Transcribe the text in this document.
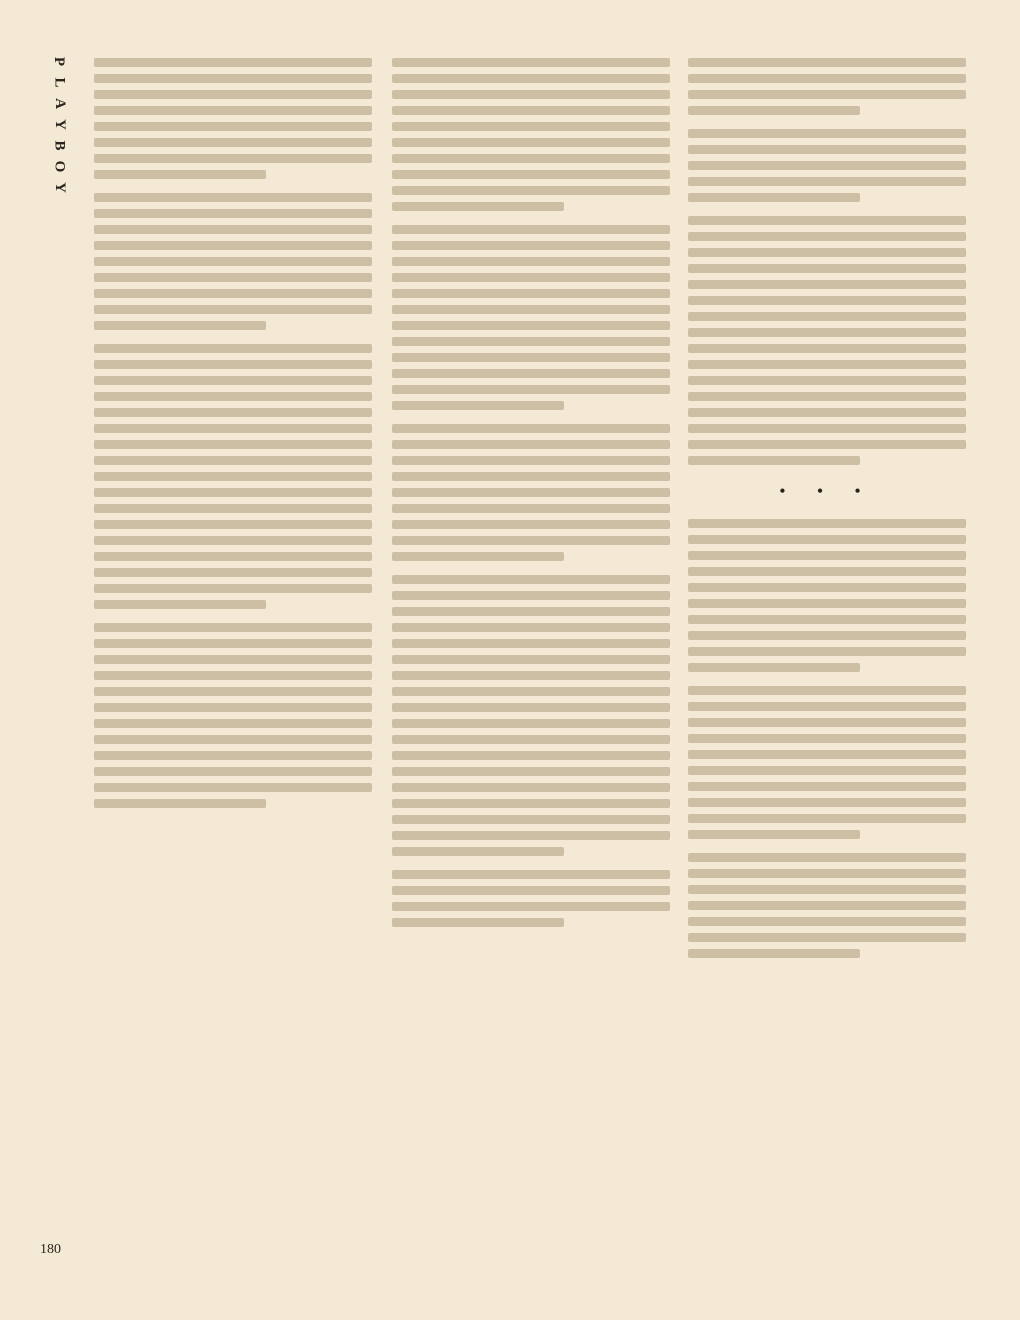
P
L
A
Y
B
O
Y
180
• • •
